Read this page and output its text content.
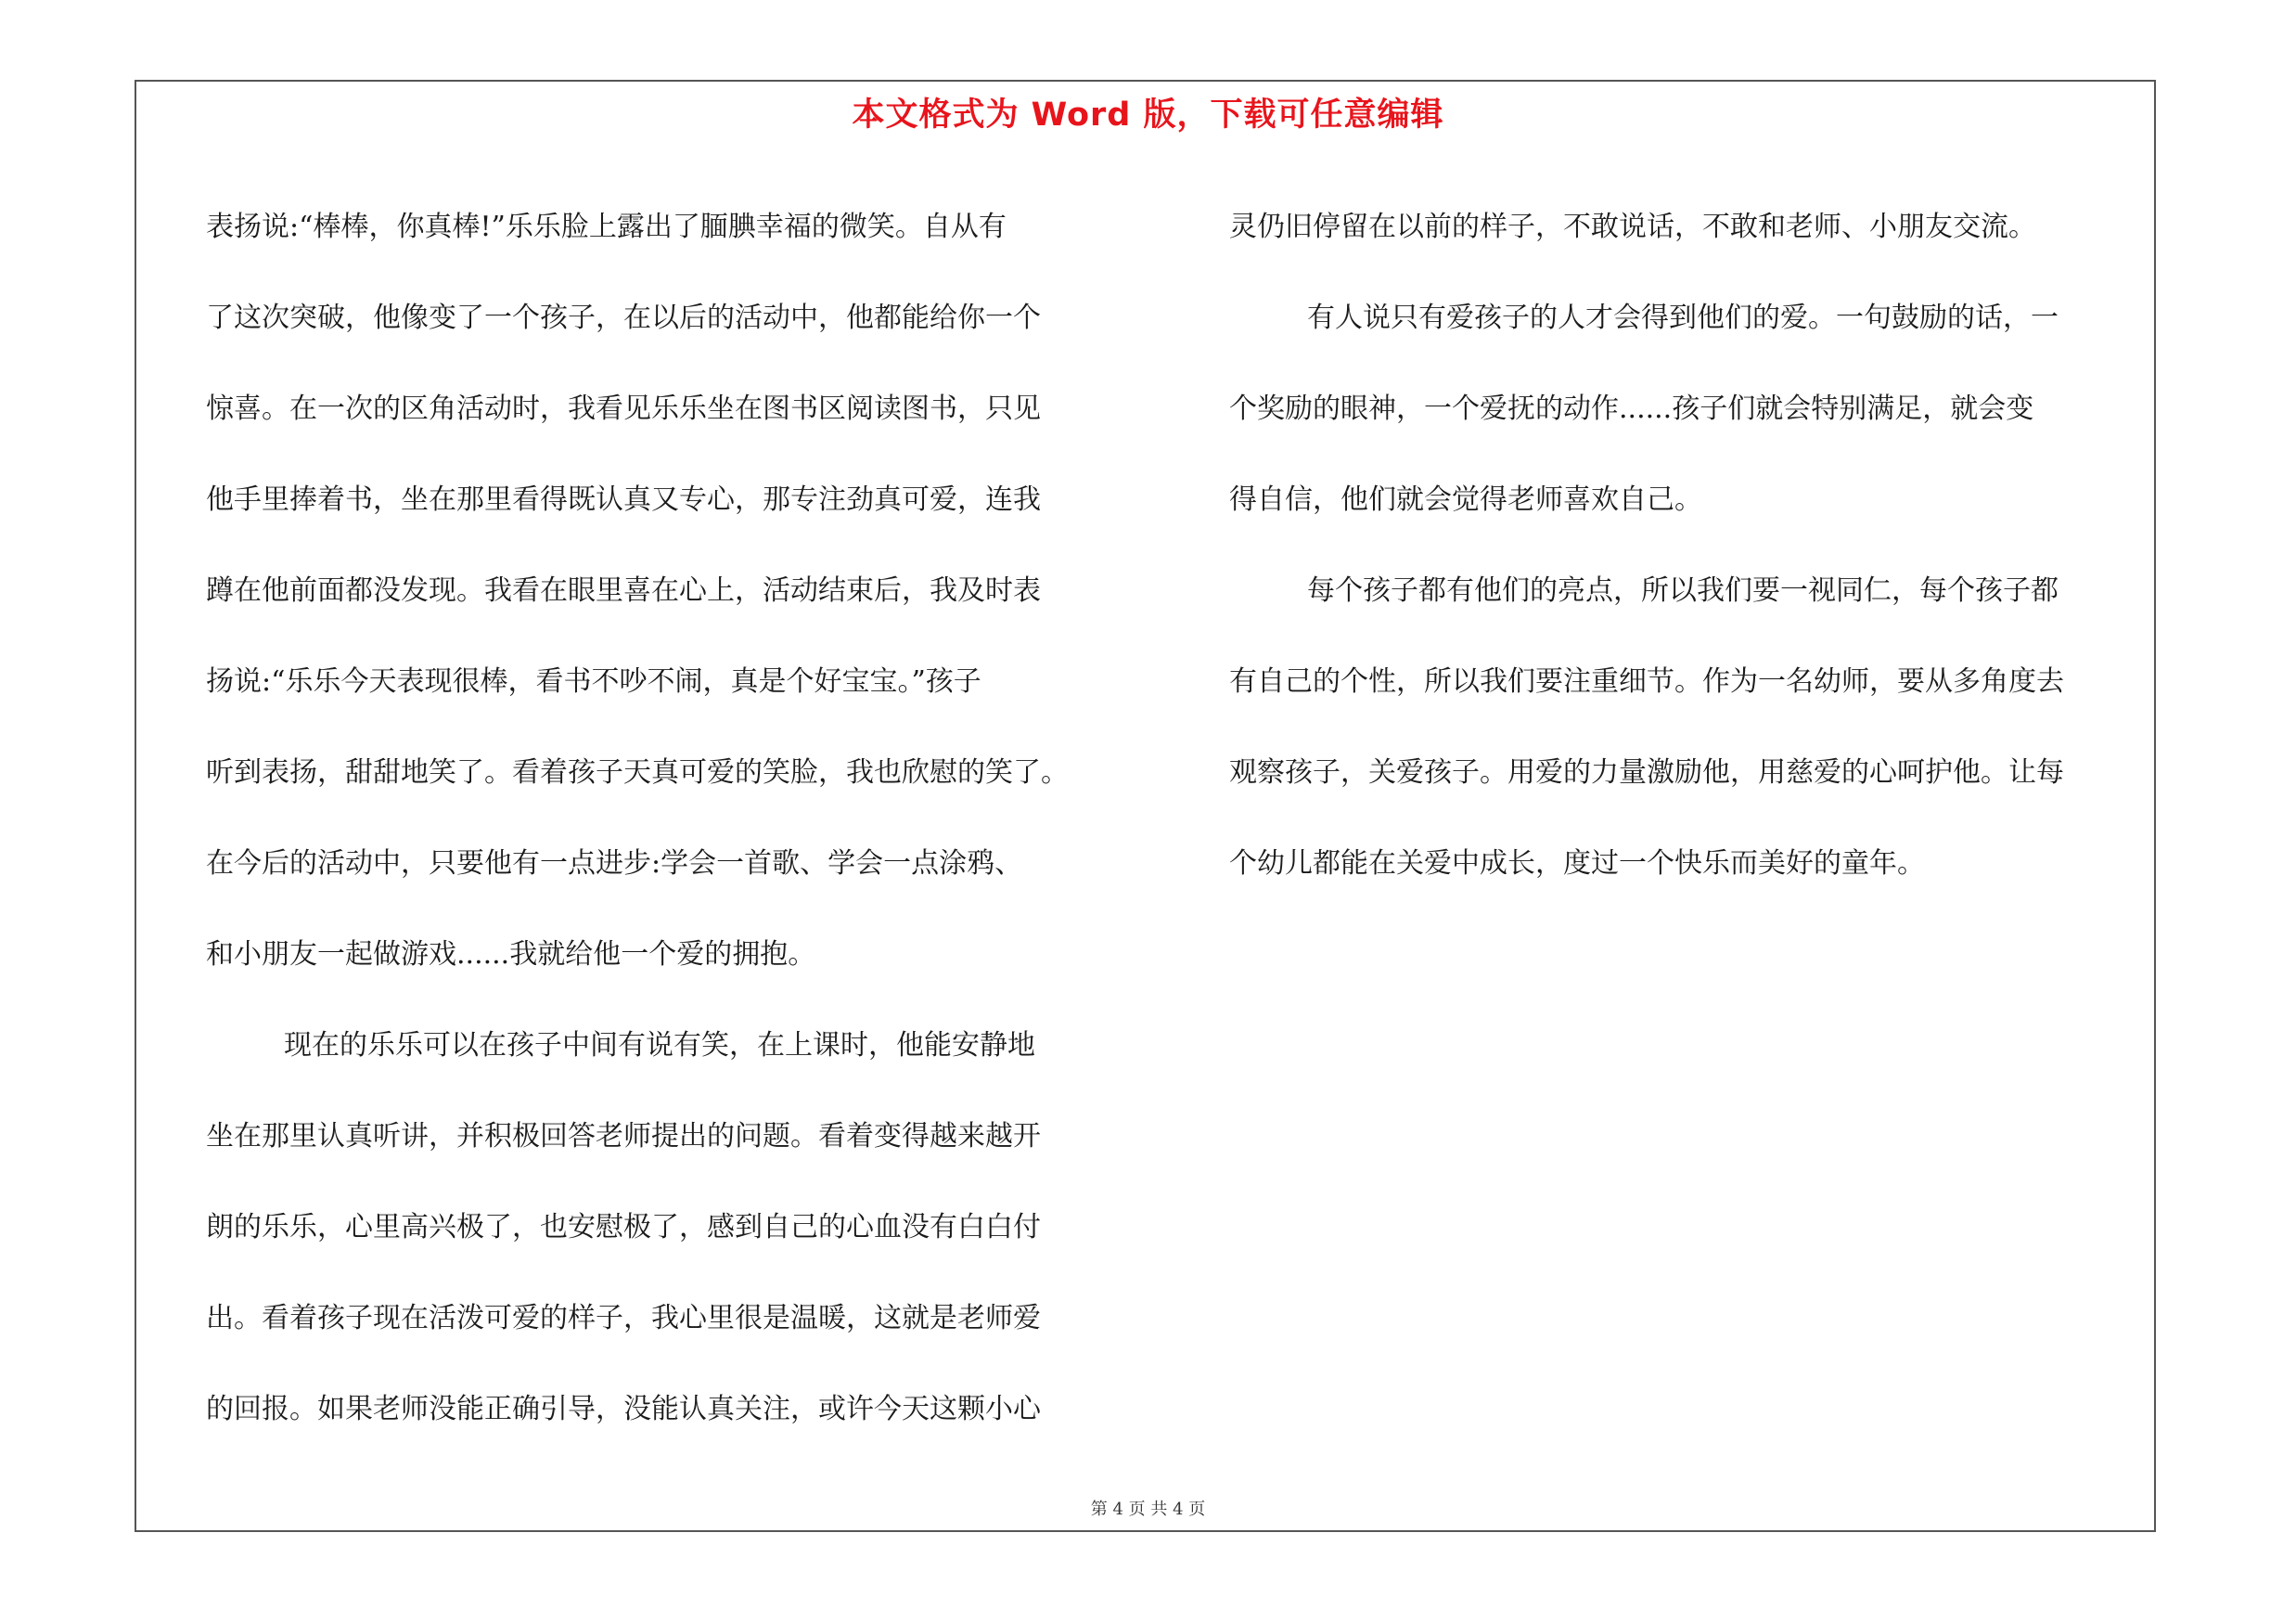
本文格式为 Word 版，下载可任意编辑
表扬说:“棒棒，你真棒!”乐乐脸上露出了腼腆幸福的微笑。自从有
了这次突破，他像变了一个孩子，在以后的活动中，他都能给你一个
惊喜。在一次的区角活动时，我看见乐乐坐在图书区阅读图书，只见
他手里捧着书，坐在那里看得既认真又专心，那专注劲真可爱，连我
蹲在他前面都没发现。我看在眼里喜在心上，活动结束后，我及时表
扬说:“乐乐今天表现很棒，看书不吵不闹，真是个好宝宝。”孩子
听到表扬，甜甜地笑了。看着孩子天真可爱的笑脸，我也欣慰的笑了。
在今后的活动中，只要他有一点进步:学会一首歌、学会一点涂鸦、
和小朋友一起做游戏......我就给他一个爱的拥抱。
现在的乐乐可以在孩子中间有说有笑，在上课时，他能安静地
坐在那里认真听讲，并积极回答老师提出的问题。看着变得越来越开
朗的乐乐，心里高兴极了，也安慰极了，感到自己的心血没有白白付
出。看着孩子现在活泼可爱的样子，我心里很是温暖，这就是老师爱
的回报。如果老师没能正确引导，没能认真关注，或许今天这颗小心
灵仍旧停留在以前的样子，不敢说话，不敢和老师、小朋友交流。
有人说只有爱孩子的人才会得到他们的爱。一句鼓励的话，一
个奖励的眼神，一个爱抚的动作......孩子们就会特别满足，就会变
得自信，他们就会觉得老师喜欢自己。
每个孩子都有他们的亮点，所以我们要一视同仁，每个孩子都
有自己的个性，所以我们要注重细节。作为一名幼师，要从多角度去
观察孩子，关爱孩子。用爱的力量激励他，用慈爱的心呵护他。让每
个幼儿都能在关爱中成长，度过一个快乐而美好的童年。
第 4 页 共 4 页
